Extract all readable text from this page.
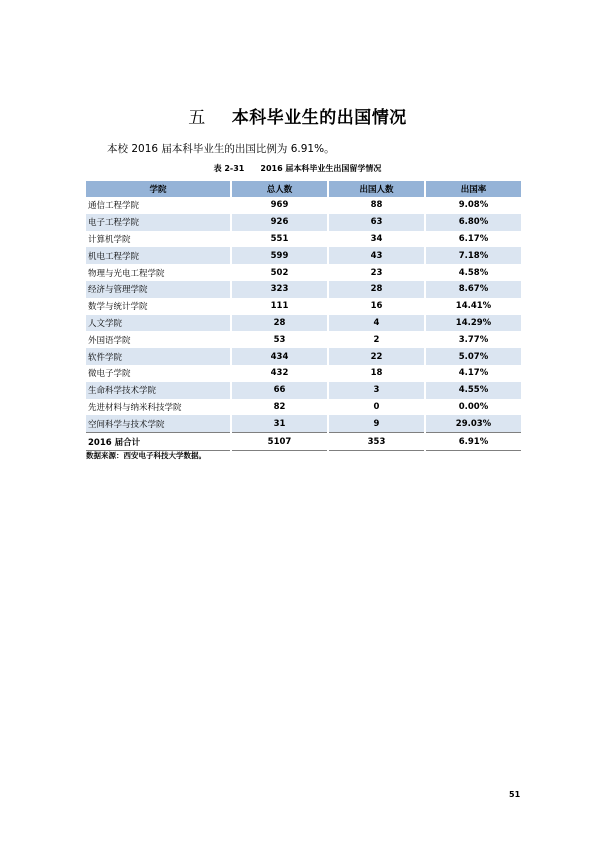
五 本科毕业生的出国情况
本校 2016 届本科毕业生的出国比例为 6.91%。
表 2-31 2016 届本科毕业生出国留学情况
学院	总人数	出国人数	出国率
通信工程学院	969	88	9.08%
电子工程学院	926	63	6.80%
计算机学院	551	34	6.17%
机电工程学院	599	43	7.18%
物理与光电工程学院	502	23	4.58%
经济与管理学院	323	28	8.67%
数学与统计学院	111	16	14.41%
人文学院	28	4	14.29%
外国语学院	53	2	3.77%
软件学院	434	22	5.07%
微电子学院	432	18	4.17%
生命科学技术学院	66	3	4.55%
先进材料与纳米科技学院	82	0	0.00%
空间科学与技术学院	31	9	29.03%
2016 届合计	5107	353	6.91%
数据来源：西安电子科技大学数据。
51
